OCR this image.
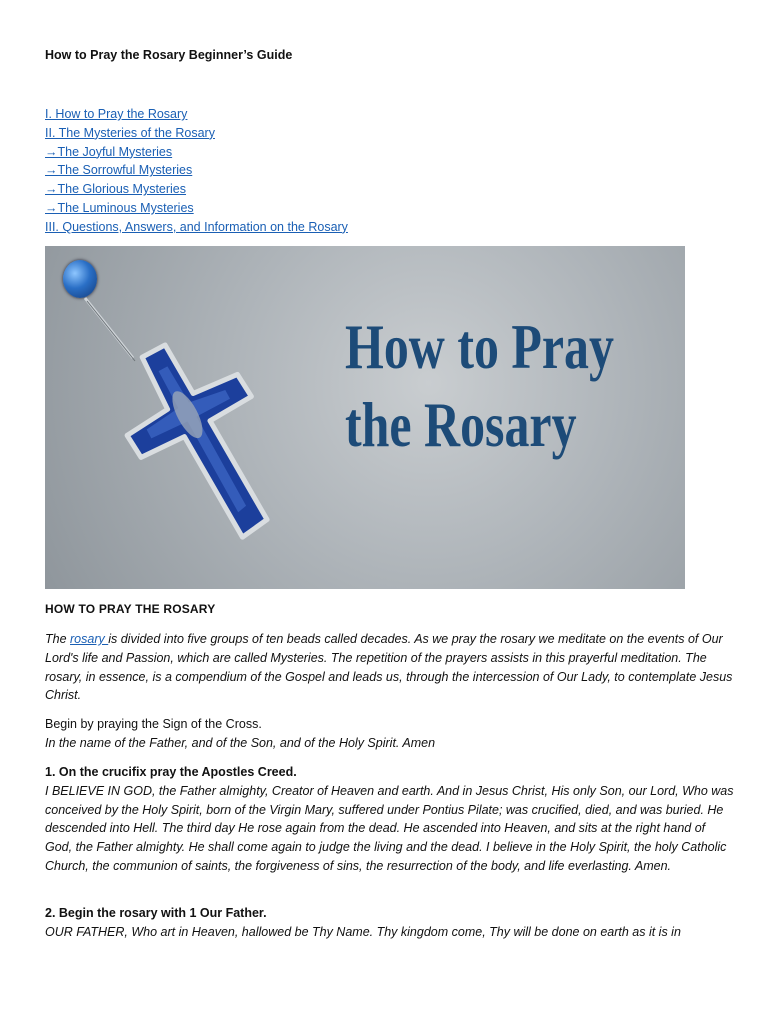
How to Pray the Rosary Beginner’s Guide
I. How to Pray the Rosary
II. The Mysteries of the Rosary
→The Joyful Mysteries
→The Sorrowful Mysteries
→The Glorious Mysteries
→The Luminous Mysteries
III. Questions, Answers, and Information on the Rosary
How to Pray
the Rosary
HOW TO PRAY THE ROSARY

The rosary is divided into five groups of ten beads called decades. As we pray the rosary we meditate on the events of Our Lord's life and Passion, which are called Mysteries. The repetition of the prayers assists in this prayerful meditation. The rosary, in essence, is a compendium of the Gospel and leads us, through the intercession of Our Lady, to contemplate Jesus Christ.

Begin by praying the Sign of the Cross.
In the name of the Father, and of the Son, and of the Holy Spirit. Amen

1. On the crucifix pray the Apostles Creed.
I BELIEVE IN GOD, the Father almighty, Creator of Heaven and earth. And in Jesus Christ, His only Son, our Lord, Who was conceived by the Holy Spirit, born of the Virgin Mary, suffered under Pontius Pilate; was crucified, died, and was buried. He descended into Hell. The third day He rose again from the dead. He ascended into Heaven, and sits at the right hand of God, the Father almighty. He shall come again to judge the living and the dead. I believe in the Holy Spirit, the holy Catholic Church, the communion of saints, the forgiveness of sins, the resurrection of the body, and life everlasting. Amen.

2. Begin the rosary with 1 Our Father.
OUR FATHER, Who art in Heaven, hallowed be Thy Name. Thy kingdom come, Thy will be done on earth as it is in
